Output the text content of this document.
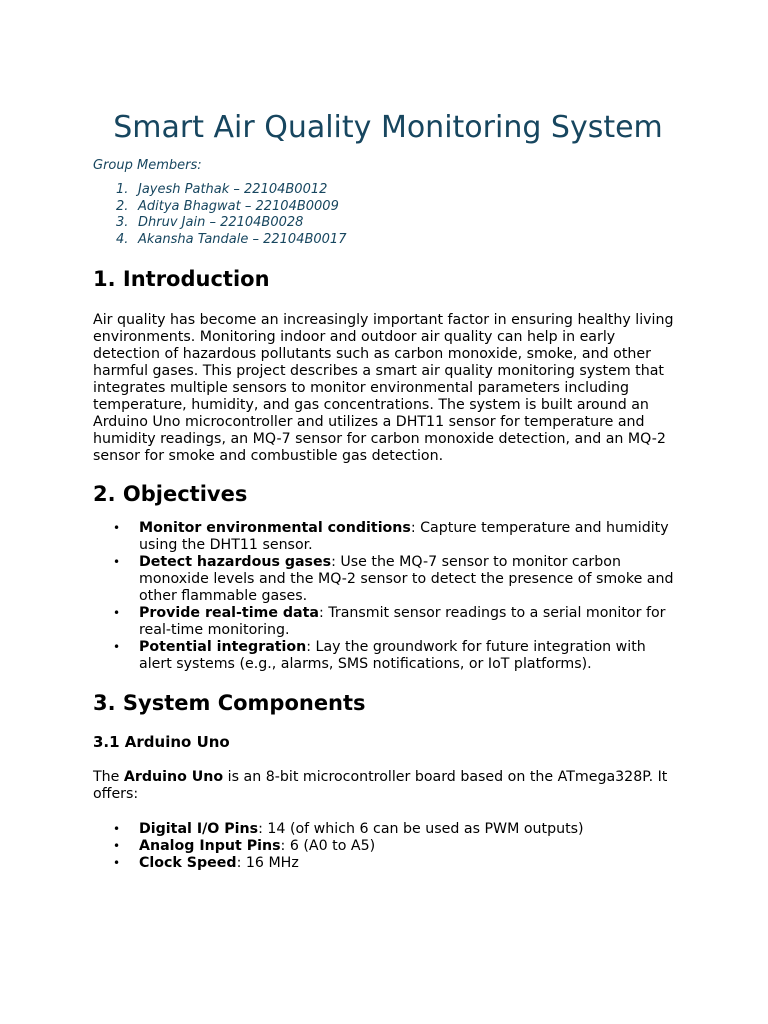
Smart Air Quality Monitoring System
Group Members:
1. Jayesh Pathak – 22104B0012
2. Aditya Bhagwat – 22104B0009
3. Dhruv Jain – 22104B0028
4. Akansha Tandale – 22104B0017
1. Introduction

Air quality has become an increasingly important factor in ensuring healthy living environments. Monitoring indoor and outdoor air quality can help in early detection of hazardous pollutants such as carbon monoxide, smoke, and other harmful gases. This project describes a smart air quality monitoring system that integrates multiple sensors to monitor environmental parameters including temperature, humidity, and gas concentrations. The system is built around an Arduino Uno microcontroller and utilizes a DHT11 sensor for temperature and humidity readings, an MQ-7 sensor for carbon monoxide detection, and an MQ-2 sensor for smoke and combustible gas detection.

2. Objectives
• Monitor environmental conditions: Capture temperature and humidity using the DHT11 sensor.
• Detect hazardous gases: Use the MQ-7 sensor to monitor carbon monoxide levels and the MQ-2 sensor to detect the presence of smoke and other flammable gases.
• Provide real-time data: Transmit sensor readings to a serial monitor for real-time monitoring.
• Potential integration: Lay the groundwork for future integration with alert systems (e.g., alarms, SMS notifications, or IoT platforms).
3. System Components
3.1 Arduino Uno

The Arduino Uno is an 8-bit microcontroller board based on the ATmega328P. It offers:

• Digital I/O Pins: 14 (of which 6 can be used as PWM outputs)
• Analog Input Pins: 6 (A0 to A5)
• Clock Speed: 16 MHz
